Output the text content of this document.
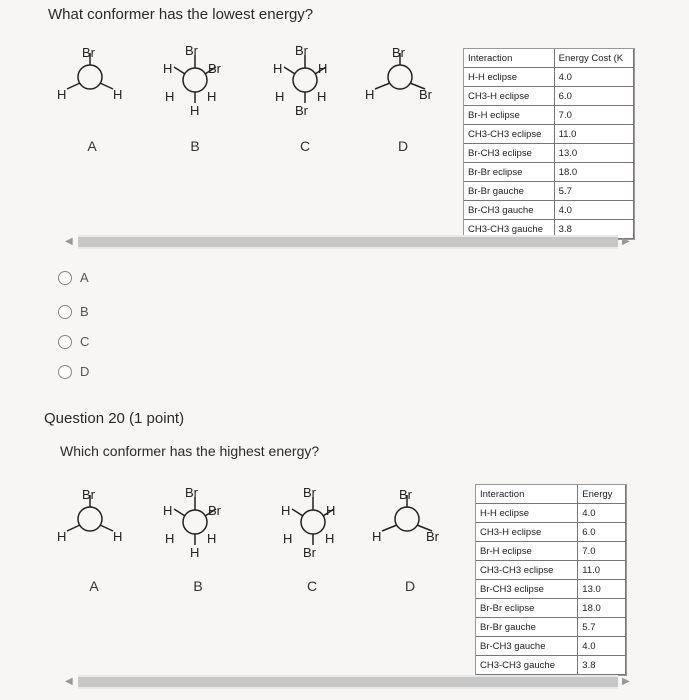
What conformer has the lowest energy?
Br
H	H
Br
H	Br
H	H
H
Br
H	H
H	H
Br
Br
H	Br
A	B	C	D
Interaction	Energy Cost (K
H-H eclipse	4.0
CH3-H eclipse	6.0
Br-H eclipse	7.0
CH3-CH3 eclipse	11.0
Br-CH3 eclipse	13.0
Br-Br eclipse	18.0
Br-Br gauche	5.7
Br-CH3 gauche	4.0
CH3-CH3 gauche	3.8
◀	▶
A
B
C
D
Question 20 (1 point)
Which conformer has the highest energy?
Br
H	H
Br
H	Br
H	H
H
Br
H	H
H	H
Br
Br
H	Br
A	B	C	D
Interaction	Energy
H-H eclipse	4.0
CH3-H eclipse	6.0
Br-H eclipse	7.0
CH3-CH3 eclipse	11.0
Br-CH3 eclipse	13.0
Br-Br eclipse	18.0
Br-Br gauche	5.7
Br-CH3 gauche	4.0
CH3-CH3 gauche	3.8
◀	▶
